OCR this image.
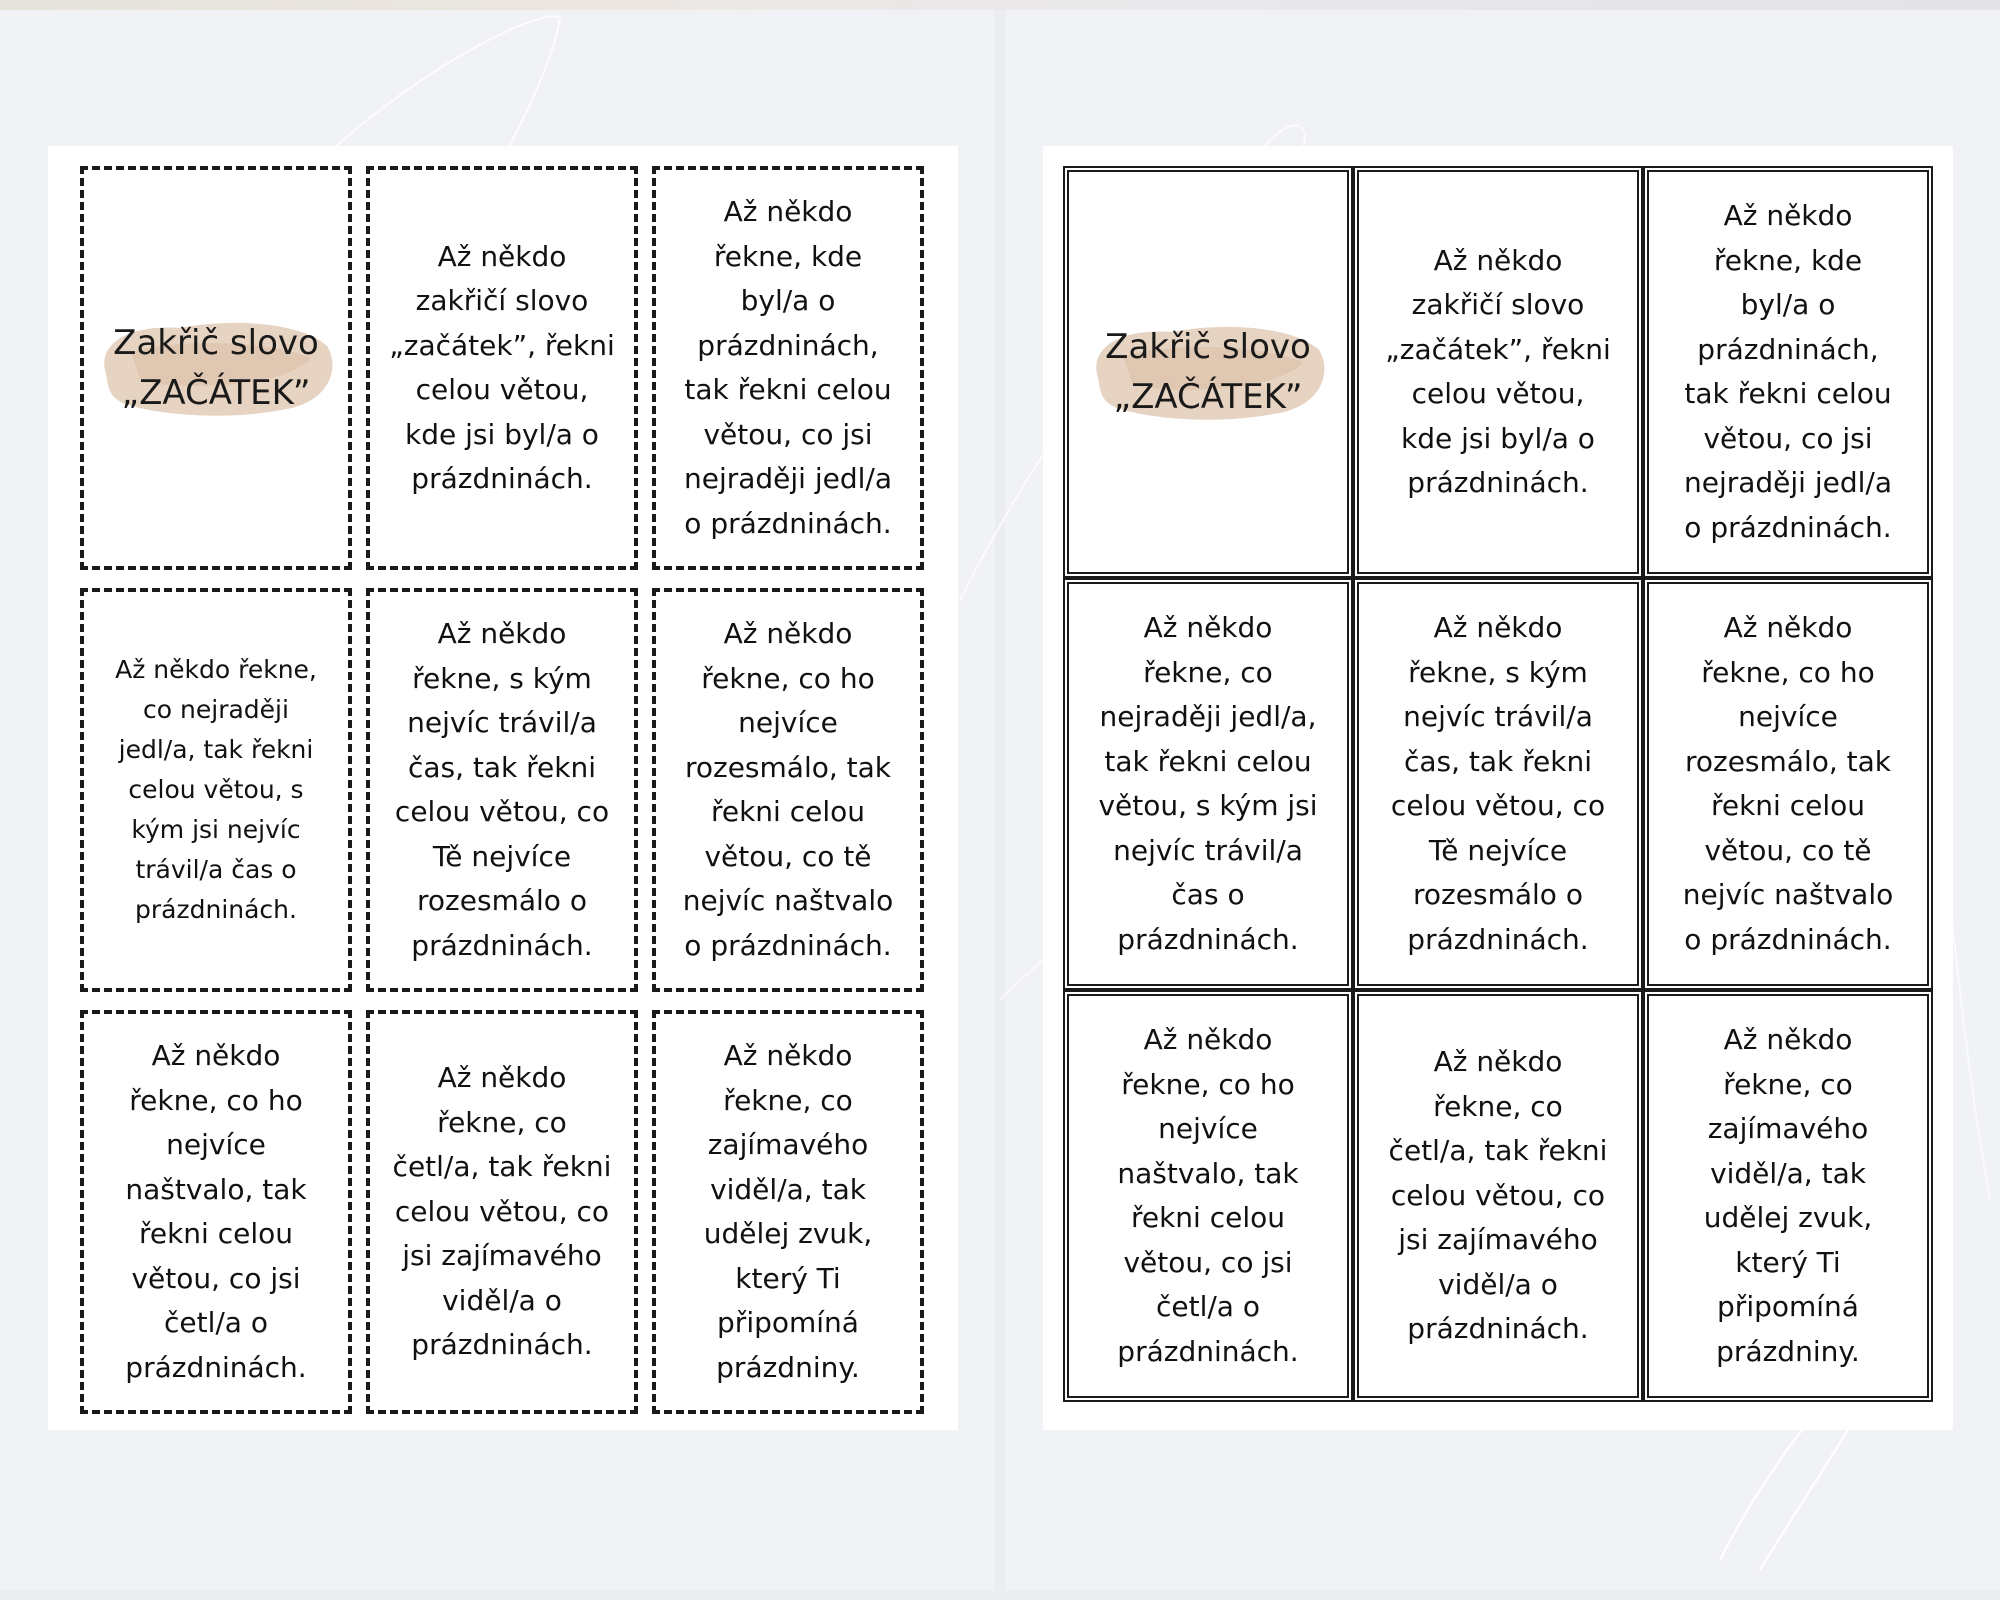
Zakřič slovo
„ZAČÁTEK”
Až někdo
zakřičí slovo
„začátek”, řekni
celou větou,
kde jsi byl/a o
prázdninách.
Až někdo
řekne, kde
byl/a o
prázdninách,
tak řekni celou
větou, co jsi
nejraději jedl/a
o prázdninách.
Až někdo řekne,
co nejraději
jedl/a, tak řekni
celou větou, s
kým jsi nejvíc
trávil/a čas o
prázdninách.
Až někdo
řekne, s kým
nejvíc trávil/a
čas, tak řekni
celou větou, co
Tě nejvíce
rozesmálo o
prázdninách.
Až někdo
řekne, co ho
nejvíce
rozesmálo, tak
řekni celou
větou, co tě
nejvíc naštvalo
o prázdninách.
Až někdo
řekne, co ho
nejvíce
naštvalo, tak
řekni celou
větou, co jsi
četl/a o
prázdninách.
Až někdo
řekne, co
četl/a, tak řekni
celou větou, co
jsi zajímavého
viděl/a o
prázdninách.
Až někdo
řekne, co
zajímavého
viděl/a, tak
udělej zvuk,
který Ti
připomíná
prázdniny.
Zakřič slovo
„ZAČÁTEK”
Až někdo
zakřičí slovo
„začátek”, řekni
celou větou,
kde jsi byl/a o
prázdninách.
Až někdo
řekne, kde
byl/a o
prázdninách,
tak řekni celou
větou, co jsi
nejraději jedl/a
o prázdninách.
Až někdo
řekne, co
nejraději jedl/a,
tak řekni celou
větou, s kým jsi
nejvíc trávil/a
čas o
prázdninách.
Až někdo
řekne, s kým
nejvíc trávil/a
čas, tak řekni
celou větou, co
Tě nejvíce
rozesmálo o
prázdninách.
Až někdo
řekne, co ho
nejvíce
rozesmálo, tak
řekni celou
větou, co tě
nejvíc naštvalo
o prázdninách.
Až někdo
řekne, co ho
nejvíce
naštvalo, tak
řekni celou
větou, co jsi
četl/a o
prázdninách.
Až někdo
řekne, co
četl/a, tak řekni
celou větou, co
jsi zajímavého
viděl/a o
prázdninách.
Až někdo
řekne, co
zajímavého
viděl/a, tak
udělej zvuk,
který Ti
připomíná
prázdniny.
